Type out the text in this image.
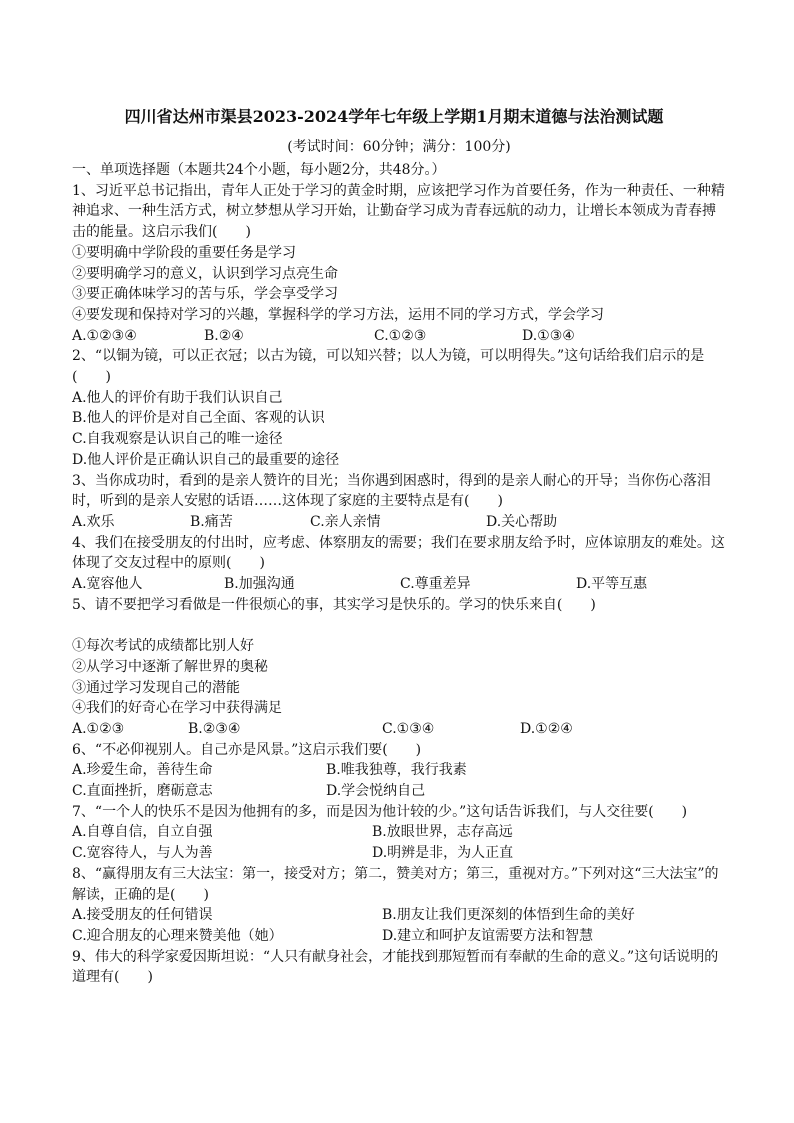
四川省达州市渠县2023-2024学年七年级上学期1月期末道德与法治测试题
(考试时间：60分钟；满分：100分)
一、单项选择题（本题共24个小题，每小题2分，共48分。）
1、习近平总书记指出，青年人正处于学习的黄金时期，应该把学习作为首要任务，作为一种责任、一种精神追求、一种生活方式，树立梦想从学习开始，让勤奋学习成为青春远航的动力，让增长本领成为青春搏击的能量。这启示我们(　　)
①要明确中学阶段的重要任务是学习
②要明确学习的意义，认识到学习点亮生命
③要正确体味学习的苦与乐，学会享受学习
④要发现和保持对学习的兴趣，掌握科学的学习方法，运用不同的学习方式，学会学习
A.①②③④	B.②④	C.①②③	D.①③④
2、“以铜为镜，可以正衣冠；以古为镜，可以知兴替；以人为镜，可以明得失。”这句话给我们启示的是(　　)
A.他人的评价有助于我们认识自己
B.他人的评价是对自己全面、客观的认识
C.自我观察是认识自己的唯一途径
D.他人评价是正确认识自己的最重要的途径
3、当你成功时，看到的是亲人赞许的目光；当你遇到困惑时，得到的是亲人耐心的开导；当你伤心落泪时，听到的是亲人安慰的话语……这体现了家庭的主要特点是有(　　)
A.欢乐	B.痛苦	C.亲人亲情	D.关心帮助
4、我们在接受朋友的付出时，应考虑、体察朋友的需要；我们在要求朋友给予时，应体谅朋友的难处。这体现了交友过程中的原则(　　)
A.宽容他人	B.加强沟通	C.尊重差异	D.平等互惠
5、请不要把学习看做是一件很烦心的事，其实学习是快乐的。学习的快乐来自(　　)
①每次考试的成绩都比别人好
②从学习中逐渐了解世界的奥秘
③通过学习发现自己的潜能
④我们的好奇心在学习中获得满足
A.①②③	B.②③④	C.①③④	D.①②④
6、“不必仰视别人。自己亦是风景。”这启示我们要(　　)
A.珍爱生命，善待生命	B.唯我独尊，我行我素
C.直面挫折，磨砺意志	D.学会悦纳自己
7、“一个人的快乐不是因为他拥有的多，而是因为他计较的少。”这句话告诉我们，与人交往要(　　)
A.自尊自信，自立自强	B.放眼世界，志存高远
C.宽容待人，与人为善	D.明辨是非，为人正直
8、“赢得朋友有三大法宝：第一，接受对方；第二，赞美对方；第三，重视对方。”下列对这“三大法宝”的解读，正确的是(　　)
A.接受朋友的任何错误	B.朋友让我们更深刻的体悟到生命的美好
C.迎合朋友的心理来赞美他（她）	D.建立和呵护友谊需要方法和智慧
9、伟大的科学家爱因斯坦说：“人只有献身社会，才能找到那短暂而有奉献的生命的意义。”这句话说明的道理有(　　)
